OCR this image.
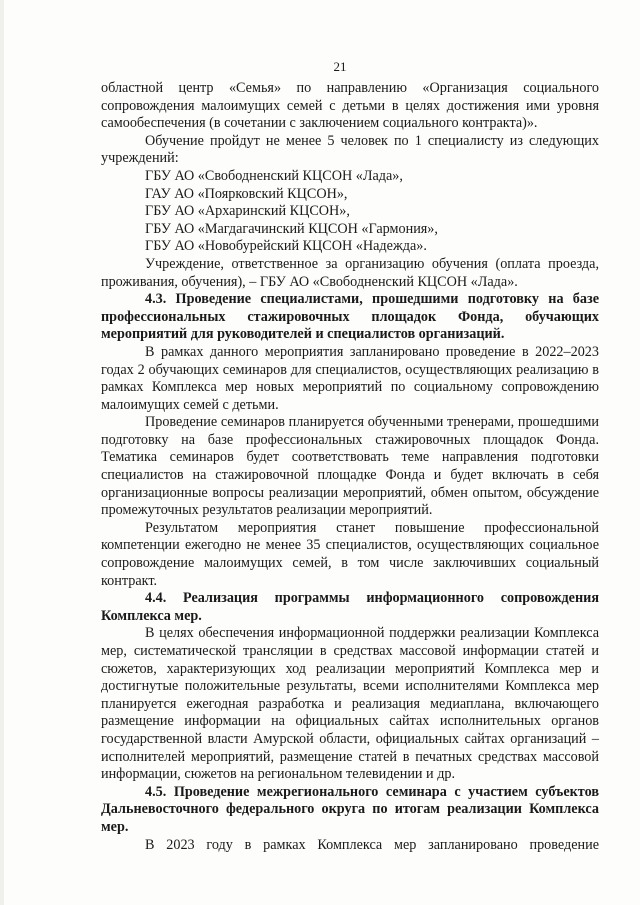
21

областной центр «Семья» по направлению «Организация социального сопровождения малоимущих семей с детьми в целях достижения ими уровня самообеспечения (в сочетании с заключением социального контракта)».

Обучение пройдут не менее 5 человек по 1 специалисту из следующих учреждений:

ГБУ АО «Свободненский КЦСОН «Лада»,

ГАУ АО «Поярковский КЦСОН»,

ГБУ АО «Архаринский КЦСОН»,

ГБУ АО «Магдагачинский КЦСОН «Гармония»,

ГБУ АО «Новобурейский КЦСОН «Надежда».

Учреждение, ответственное за организацию обучения (оплата проезда, проживания, обучения), – ГБУ АО «Свободненский КЦСОН «Лада».

4.3. Проведение специалистами, прошедшими подготовку на базе профессиональных стажировочных площадок Фонда, обучающих мероприятий для руководителей и специалистов организаций.

В рамках данного мероприятия запланировано проведение в 2022–2023 годах 2 обучающих семинаров для специалистов, осуществляющих реализацию в рамках Комплекса мер новых мероприятий по социальному сопровождению малоимущих семей с детьми.

Проведение семинаров планируется обученными тренерами, прошедшими подготовку на базе профессиональных стажировочных площадок Фонда. Тематика семинаров будет соответствовать теме направления подготовки специалистов на стажировочной площадке Фонда и будет включать в себя организационные вопросы реализации мероприятий, обмен опытом, обсуждение промежуточных результатов реализации мероприятий.

Результатом мероприятия станет повышение профессиональной компетенции ежегодно не менее 35 специалистов, осуществляющих социальное сопровождение малоимущих семей, в том числе заключивших социальный контракт.

4.4. Реализация программы информационного сопровождения Комплекса мер.

В целях обеспечения информационной поддержки реализации Комплекса мер, систематической трансляции в средствах массовой информации статей и сюжетов, характеризующих ход реализации мероприятий Комплекса мер и достигнутые положительные результаты, всеми исполнителями Комплекса мер планируется ежегодная разработка и реализация медиаплана, включающего размещение информации на официальных сайтах исполнительных органов государственной власти Амурской области, официальных сайтах организаций – исполнителей мероприятий, размещение статей в печатных средствах массовой информации, сюжетов на региональном телевидении и др.

4.5. Проведение межрегионального семинара с участием субъектов Дальневосточного федерального округа по итогам реализации Комплекса мер.

В 2023 году в рамках Комплекса мер запланировано проведение
